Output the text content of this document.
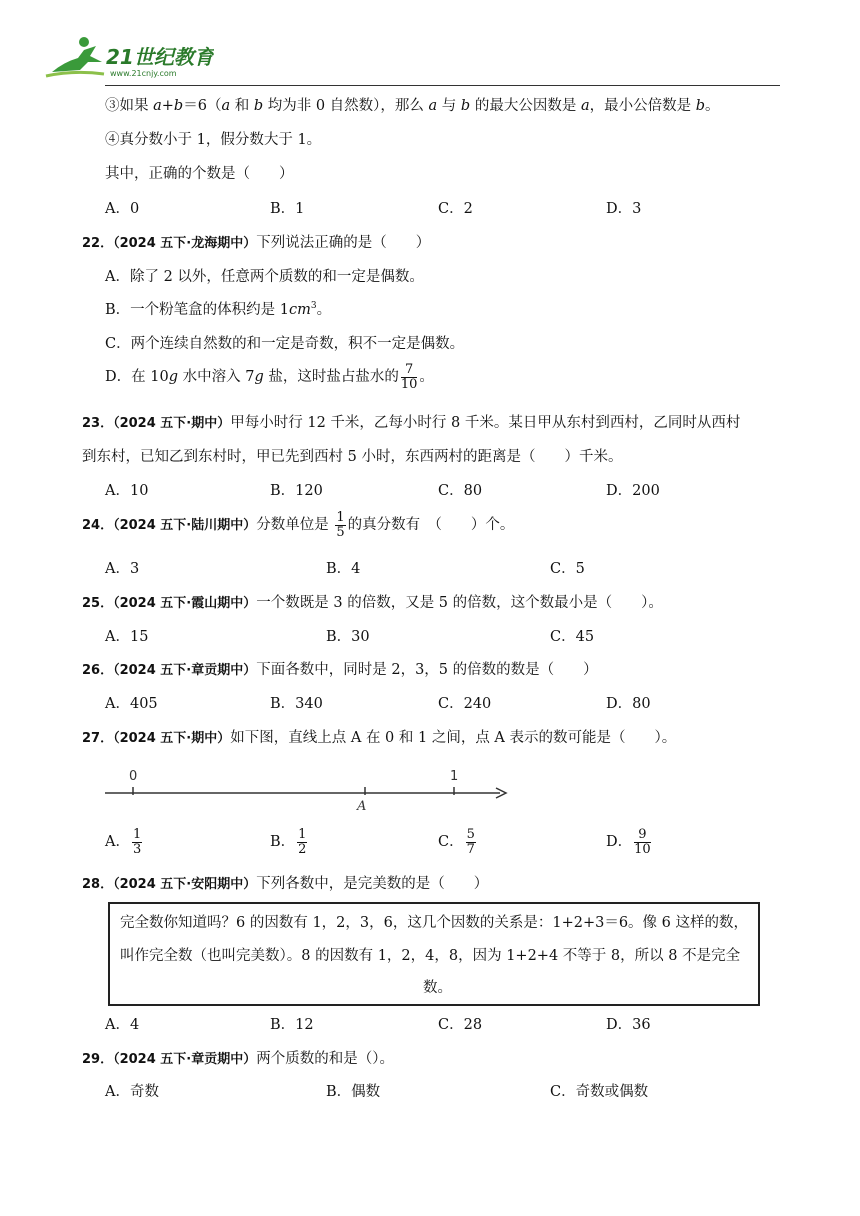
21世纪教育
www.21cnjy.com
③如果 a+b＝6（a 和 b 均为非 0 自然数），那么 a 与 b 的最大公因数是 a，最小公倍数是 b。
④真分数小于 1，假分数大于 1。
其中，正确的个数是（　　）
A．0	B．1	C．2	D．3
22．（2024 五下·龙海期中）下列说法正确的是（　　）
A．除了 2 以外，任意两个质数的和一定是偶数。
B．一个粉笔盒的体积约是 $1cm^3$。
C．两个连续自然数的和一定是奇数，积不一定是偶数。
D．在 10g 水中溶入 7g 盐，这时盐占盐水的 $\frac{7}{10}$ 。
23．（2024 五下·期中）甲每小时行 12 千米，乙每小时行 8 千米。某日甲从东村到西村，乙同时从西村
到东村，已知乙到东村时，甲已先到西村 5 小时，东西两村的距离是（　　）千米。
A．10	B．120	C．80	D．200
24．（2024 五下·陆川期中）分数单位是 $\frac{1}{5}$ 的真分数有　（　　）个。
A．3	B．4	C．5
25．（2024 五下·霞山期中）一个数既是 3 的倍数，又是 5 的倍数，这个数最小是（　　）。
A．15	B．30	C．45
26．（2024 五下·章贡期中）下面各数中，同时是 2，3，5 的倍数的数是（　　）
A．405	B．340	C．240	D．80
27．（2024 五下·期中）如下图，直线上点 A 在 0 和 1 之间，点 A 表示的数可能是（　　）。
0	1
A
A． $\frac{1}{3}$	B． $\frac{1}{2}$	C． $\frac{5}{7}$	D． $\frac{9}{10}$
28．（2024 五下·安阳期中）下列各数中，是完美数的是（　　）
完全数你知道吗？6 的因数有 1，2，3，6，这几个因数的关系是：1+2+3＝6。像 6 这样的数，
叫作完全数（也叫完美数）。8 的因数有 1，2，4，8，因为 1+2+4 不等于 8，所以 8 不是完全
数。
A．4	B．12	C．28	D．36
29．（2024 五下·章贡期中）两个质数的和是（）。
A．奇数	B．偶数	C．奇数或偶数
